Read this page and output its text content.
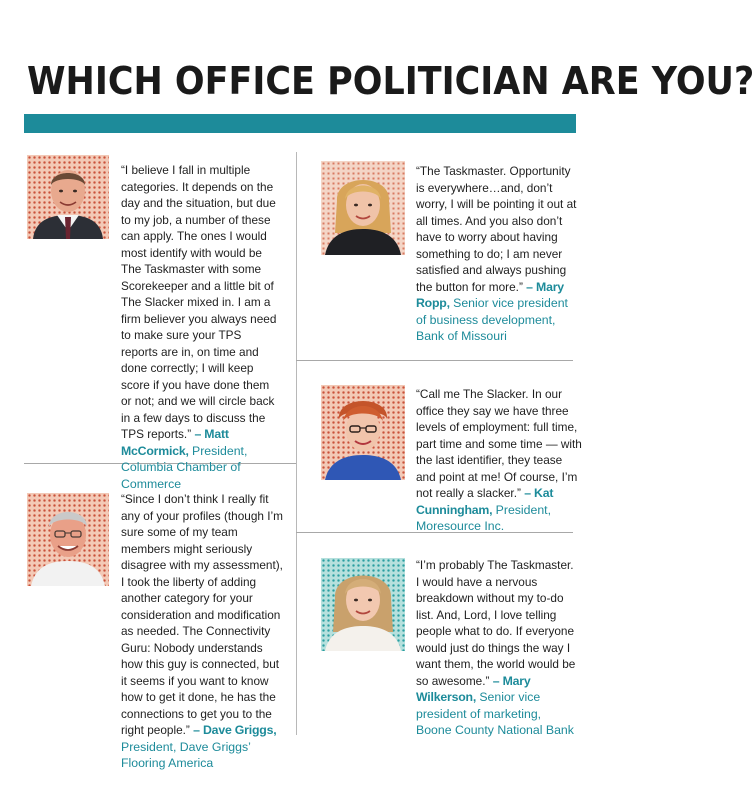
WHICH OFFICE POLITICIAN ARE YOU?
“I believe I fall in multiple categories. It depends on the day and the situation, but due to my job, a number of these can apply. The ones I would most identify with would be The Taskmaster with some Scorekeeper and a little bit of The Slacker mixed in. I am a firm believer you always need to make sure your TPS reports are in, on time and done correctly; I will keep score if you have done them or not; and we will circle back in a few days to discuss the TPS reports.” – Matt McCormick, President, Columbia Chamber of Commerce
“The Taskmaster. Opportunity is everywhere…and, don’t worry, I will be pointing it out at all times. And you also don’t have to worry about having something to do; I am never satisfied and always pushing the button for more.” – Mary Ropp, Senior vice president of business development, Bank of Missouri
“Call me The Slacker. In our office they say we have three levels of employment: full time, part time and some time — with the last identifier, they tease and point at me! Of course, I’m not really a slacker.” – Kat Cunningham, President, Moresource Inc.
“Since I don’t think I really fit any of your profiles (though I’m sure some of my team members might seriously disagree with my assessment), I took the liberty of adding another category for your consideration and modification as needed. The Connectivity Guru: Nobody understands how this guy is connected, but it seems if you want to know how to get it done, he has the connections to get you to the right people.” – Dave Griggs, President, Dave Griggs’ Flooring America
“I’m probably The Taskmaster. I would have a nervous breakdown without my to-do list. And, Lord, I love telling people what to do. If everyone would just do things the way I want them, the world would be so awesome.” – Mary Wilkerson, Senior vice president of marketing, Boone County National Bank
